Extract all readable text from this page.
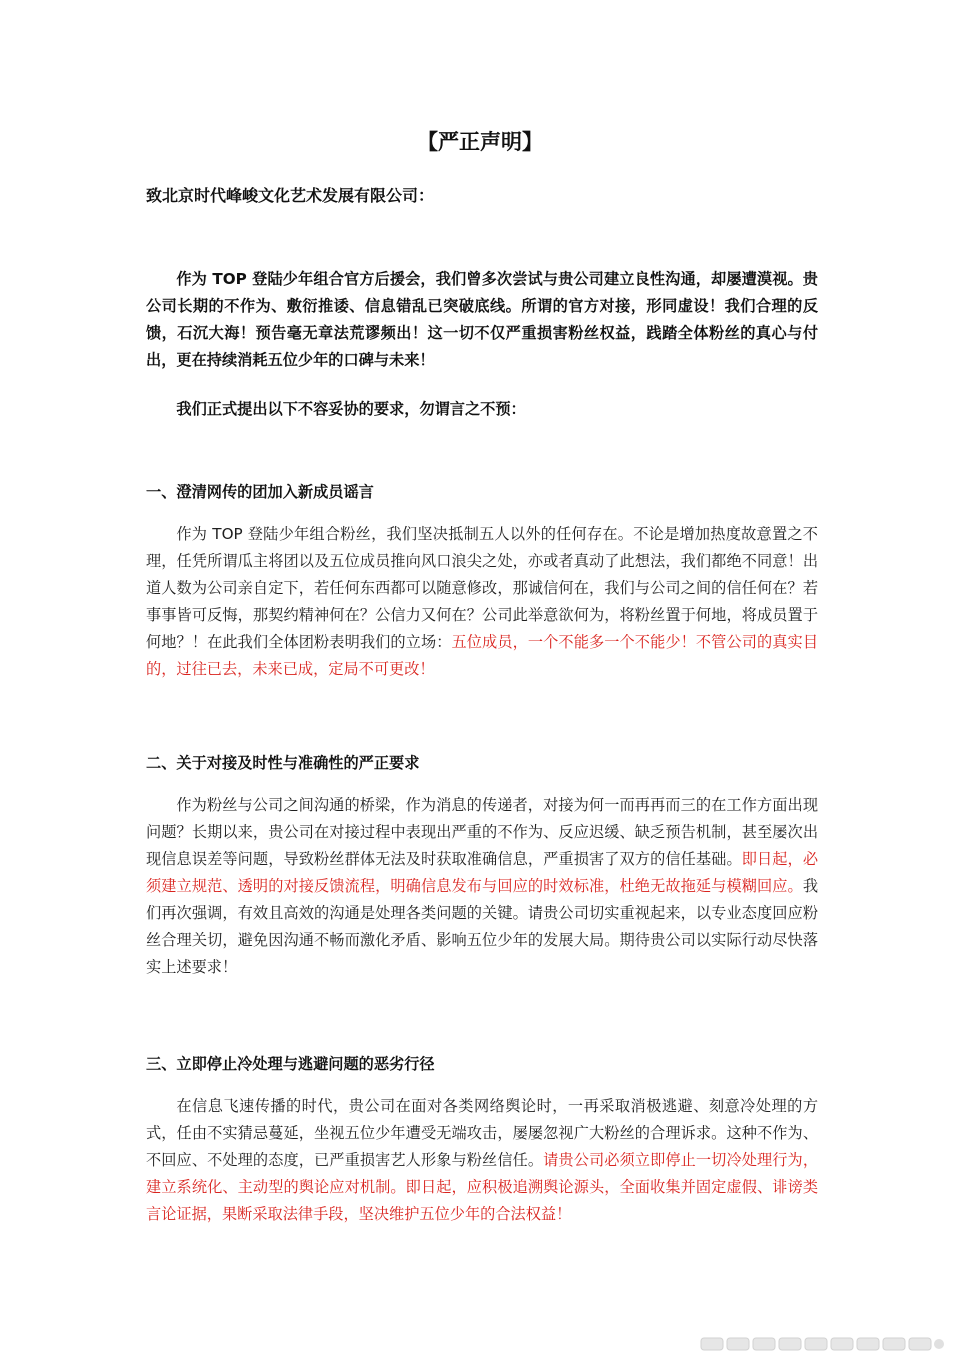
【严正声明】
致北京时代峰峻文化艺术发展有限公司：

作为 TOP 登陆少年组合官方后援会，我们曾多次尝试与贵公司建立良性沟通，却屡遭漠视。贵公司长期的不作为、敷衍推诿、信息错乱已突破底线。所谓的官方对接，形同虚设！我们合理的反馈，石沉大海！预告毫无章法荒谬频出！这一切不仅严重损害粉丝权益，践踏全体粉丝的真心与付出，更在持续消耗五位少年的口碑与未来！

我们正式提出以下不容妥协的要求，勿谓言之不预：

一、澄清网传的团加入新成员谣言

作为 TOP 登陆少年组合粉丝，我们坚决抵制五人以外的任何存在。不论是增加热度故意置之不理，任凭所谓瓜主将团以及五位成员推向风口浪尖之处，亦或者真动了此想法，我们都绝不同意！出道人数为公司亲自定下，若任何东西都可以随意修改，那诚信何在，我们与公司之间的信任何在？若事事皆可反悔，那契约精神何在？公信力又何在？公司此举意欲何为，将粉丝置于何地，将成员置于何地？！在此我们全体团粉表明我们的立场：五位成员，一个不能多一个不能少！不管公司的真实目的，过往已去，未来已成，定局不可更改！

二、关于对接及时性与准确性的严正要求

作为粉丝与公司之间沟通的桥梁，作为消息的传递者，对接为何一而再再而三的在工作方面出现问题？长期以来，贵公司在对接过程中表现出严重的不作为、反应迟缓、缺乏预告机制，甚至屡次出现信息误差等问题，导致粉丝群体无法及时获取准确信息，严重损害了双方的信任基础。即日起，必须建立规范、透明的对接反馈流程，明确信息发布与回应的时效标准，杜绝无故拖延与模糊回应。我们再次强调，有效且高效的沟通是处理各类问题的关键。请贵公司切实重视起来，以专业态度回应粉丝合理关切，避免因沟通不畅而激化矛盾、影响五位少年的发展大局。期待贵公司以实际行动尽快落实上述要求！

三、立即停止冷处理与逃避问题的恶劣行径

在信息飞速传播的时代，贵公司在面对各类网络舆论时，一再采取消极逃避、刻意冷处理的方式，任由不实猜忌蔓延，坐视五位少年遭受无端攻击，屡屡忽视广大粉丝的合理诉求。这种不作为、不回应、不处理的态度，已严重损害艺人形象与粉丝信任。请贵公司必须立即停止一切冷处理行为，建立系统化、主动型的舆论应对机制。即日起，应积极追溯舆论源头，全面收集并固定虚假、诽谤类言论证据，果断采取法律手段，坚决维护五位少年的合法权益！
